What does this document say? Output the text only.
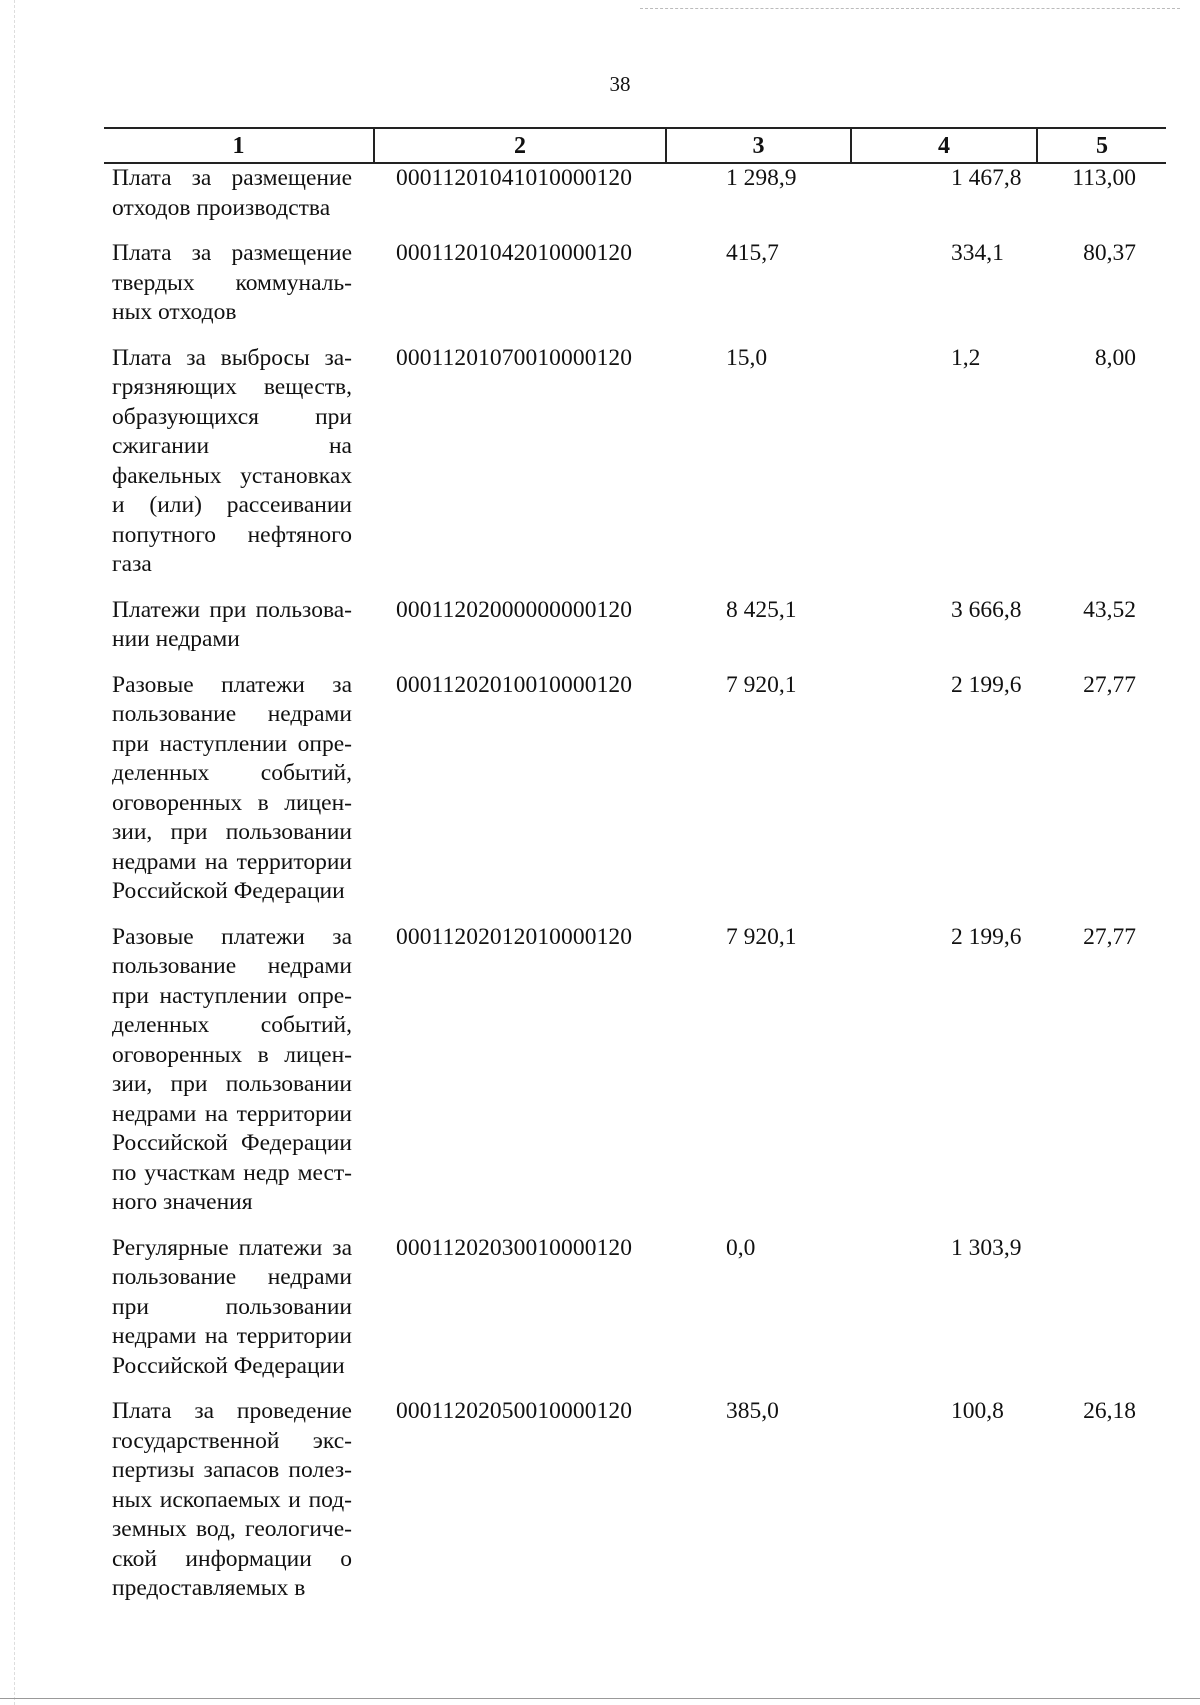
38
1	2	3	4	5
Плата за размещение отходов производства	00011201041010000120	1 298,9	1 467,8	113,00
Плата за размещение твердых коммуналь-ных отходов	00011201042010000120	415,7	334,1	80,37
Плата за выбросы за-грязняющих веществ, образующихся при сжигании на факельных установках и (или) рассеивании попутного нефтяного газа	00011201070010000120	15,0	1,2	8,00
Платежи при пользова-нии недрами	00011202000000000120	8 425,1	3 666,8	43,52
Разовые платежи за пользование недрами при наступлении опре-деленных событий, оговоренных в лицен-зии, при пользовании недрами на территории Российской Федерации	00011202010010000120	7 920,1	2 199,6	27,77
Разовые платежи за пользование недрами при наступлении опре-деленных событий, оговоренных в лицен-зии, при пользовании недрами на территории Российской Федерации по участкам недр мест-ного значения	00011202012010000120	7 920,1	2 199,6	27,77
Регулярные платежи за пользование недрами при пользовании недрами на территории Российской Федерации	00011202030010000120	0,0	1 303,9	
Плата за проведение государственной экс-пертизы запасов полез-ных ископаемых и под-земных вод, геологиче-ской информации о предоставляемых в	00011202050010000120	385,0	100,8	26,18
